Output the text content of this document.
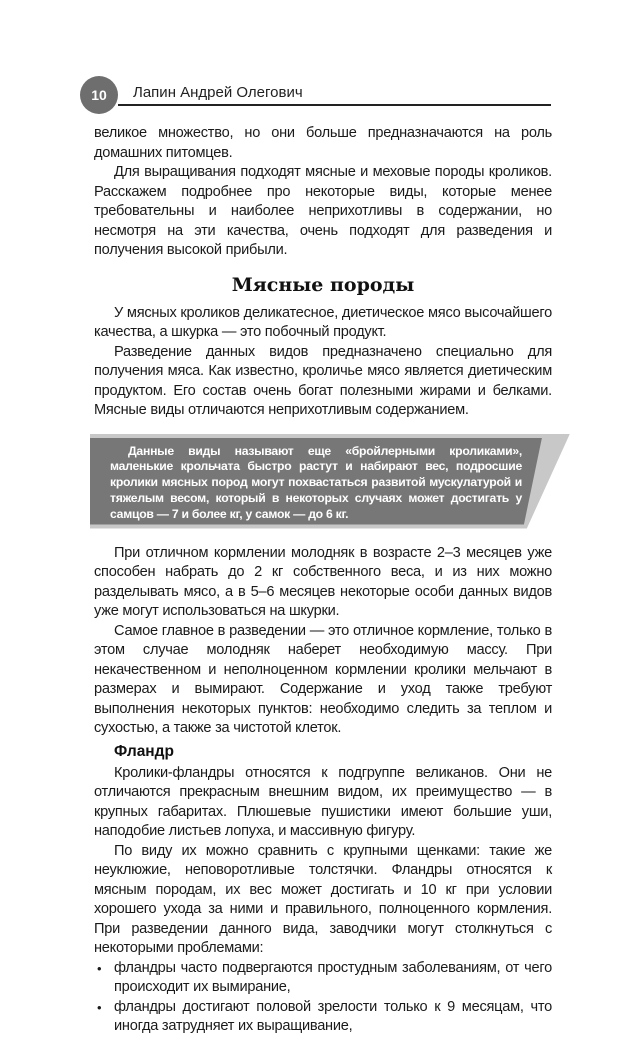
10	Лапин Андрей Олегович

великое множество, но они больше предназначаются на роль домашних питомцев.

Для выращивания подходят мясные и меховые породы кроликов. Расскажем подробнее про некоторые виды, которые менее требовательны и наиболее неприхотливы в содержании, но несмотря на эти качества, очень подходят для разведения и получения высокой прибыли.

Мясные породы

У мясных кроликов деликатесное, диетическое мясо высочайшего качества, а шкурка — это побочный продукт.

Разведение данных видов предназначено специально для получения мяса. Как известно, кроличье мясо является диетическим продуктом. Его состав очень богат полезными жирами и белками. Мясные виды отличаются неприхотливым содержанием.

Данные виды называют еще «бройлерными кроликами», маленькие крольчата быстро растут и набирают вес, подросшие кролики мясных пород могут похвастаться развитой мускулатурой и тяжелым весом, который в некоторых случаях может достигать у самцов — 7 и более кг, у самок — до 6 кг.

При отличном кормлении молодняк в возрасте 2–3 месяцев уже способен набрать до 2 кг собственного веса, и из них можно разделывать мясо, а в 5–6 месяцев некоторые особи данных видов уже могут использоваться на шкурки.

Самое главное в разведении — это отличное кормление, только в этом случае молодняк наберет необходимую массу. При некачественном и неполноценном кормлении кролики мельчают в размерах и вымирают. Содержание и уход также требуют выполнения некоторых пунктов: необходимо следить за теплом и сухостью, а также за чистотой клеток.

Фландр

Кролики-фландры относятся к подгруппе великанов. Они не отличаются прекрасным внешним видом, их преимущество — в крупных габаритах. Плюшевые пушистики имеют большие уши, наподобие листьев лопуха, и массивную фигуру.

По виду их можно сравнить с крупными щенками: такие же неуклюжие, неповоротливые толстячки. Фландры относятся к мясным породам, их вес может достигать и 10 кг при условии хорошего ухода за ними и правильного, полноценного кормления. При разведении данного вида, заводчики могут столкнуться с некоторыми проблемами:

• фландры часто подвергаются простудным заболеваниям, от чего происходит их вымирание,
• фландры достигают половой зрелости только к 9 месяцам, что иногда затрудняет их выращивание,
